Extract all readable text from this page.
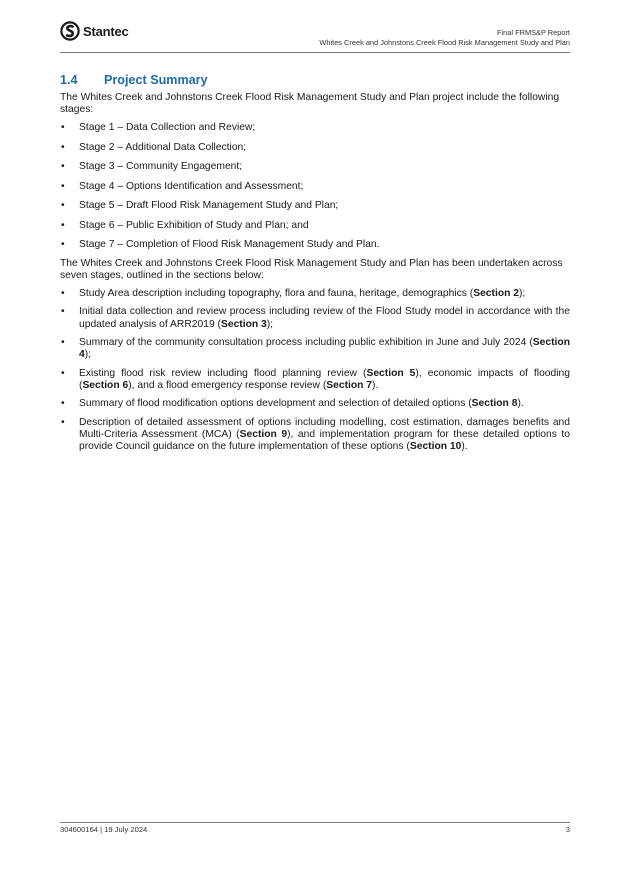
Stantec	Final FRMS&P Report
Whites Creek and Johnstons Creek Flood Risk Management Study and Plan
1.4	Project Summary

The Whites Creek and Johnstons Creek Flood Risk Management Study and Plan project include the following stages:

• Stage 1 – Data Collection and Review;
• Stage 2 – Additional Data Collection;
• Stage 3 – Community Engagement;
• Stage 4 – Options Identification and Assessment;
• Stage 5 – Draft Flood Risk Management Study and Plan;
• Stage 6 – Public Exhibition of Study and Plan; and
• Stage 7 – Completion of Flood Risk Management Study and Plan.

The Whites Creek and Johnstons Creek Flood Risk Management Study and Plan has been undertaken across seven stages, outlined in the sections below:

• Study Area description including topography, flora and fauna, heritage, demographics (Section 2);
• Initial data collection and review process including review of the Flood Study model in accordance with the updated analysis of ARR2019 (Section 3);
• Summary of the community consultation process including public exhibition in June and July 2024 (Section 4);
• Existing flood risk review including flood planning review (Section 5), economic impacts of flooding (Section 6), and a flood emergency response review (Section 7).
• Summary of flood modification options development and selection of detailed options (Section 8).
• Description of detailed assessment of options including modelling, cost estimation, damages benefits and Multi-Criteria Assessment (MCA) (Section 9), and implementation program for these detailed options to provide Council guidance on the future implementation of these options (Section 10).
304600164 | 19 July 2024	3
